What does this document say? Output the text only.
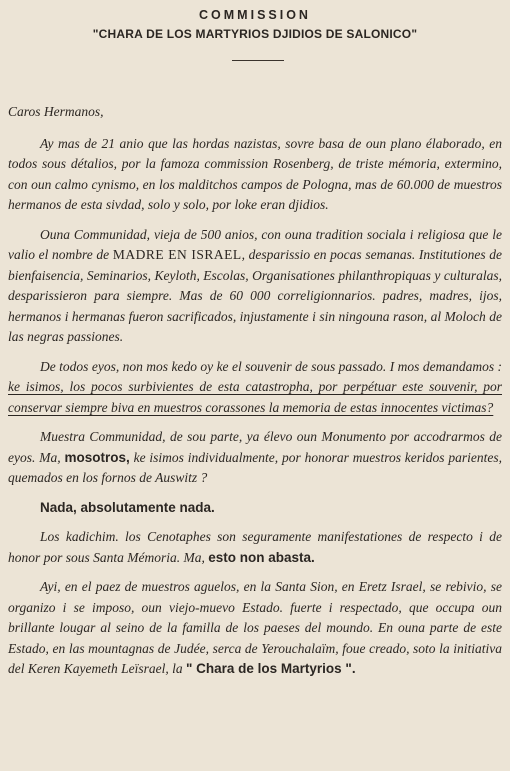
COMMISSION
"CHARA DE LOS MARTYRIOS DJIDIOS DE SALONICO"

Caros Hermanos,

Ay mas de 21 anio que las hordas nazistas, sovre basa de oun plano élaborado, en todos sous détalios, por la famoza commission Rosenberg, de triste mémoria, extermino, con oun calmo cynismo, en los malditchos campos de Pologna, mas de 60.000 de muestros hermanos de esta sivdad, solo y solo, por loke eran djidios.

Ouna Communidad, vieja de 500 anios, con ouna tradition sociala i religiosa que le valio el nombre de MADRE EN ISRAEL, desparissio en pocas semanas. Institutiones de bienfaisencia, Seminarios, Keyloth, Escolas, Organisationes philanthropiquas y culturalas, desparissieron para siempre. Mas de 60 000 correligionnarios. padres, madres, ijos, hermanos i hermanas fueron sacrificados, injustamente i sin ningouna rason, al Moloch de las negras passiones.

De todos eyos, non mos kedo oy ke el souvenir de sous passado. I mos demandamos : ke isimos, los pocos surbivientes de esta catastropha, por perpétuar este souvenir, por conservar siempre biva en muestros corassones la memoria de estas innocentes victimas?

Muestra Communidad, de sou parte, ya élevo oun Monumento por accodrarmos de eyos. Ma, mosotros, ke isimos individualmente, por honorar muestros keridos parientes, quemados en los fornos de Auswitz ?

Nada, absolutamente nada.

Los kadichim. los Cenotaphes son seguramente manifestationes de respecto i de honor por sous Santa Mémoria. Ma, esto non abasta.

Ayi, en el paez de muestros aguelos, en la Santa Sion, en Eretz Israel, se rebivio, se organizo i se imposo, oun viejo-muevo Estado. fuerte i respectado, que occupa oun brillante lougar al seino de la familla de los paeses del moundo. En ouna parte de este Estado, en las mountagnas de Judée, serca de Yerouchalaïm, foue creado, soto la initiativa del Keren Kayemeth Leïsrael, la " Chara de los Martyrios ".
